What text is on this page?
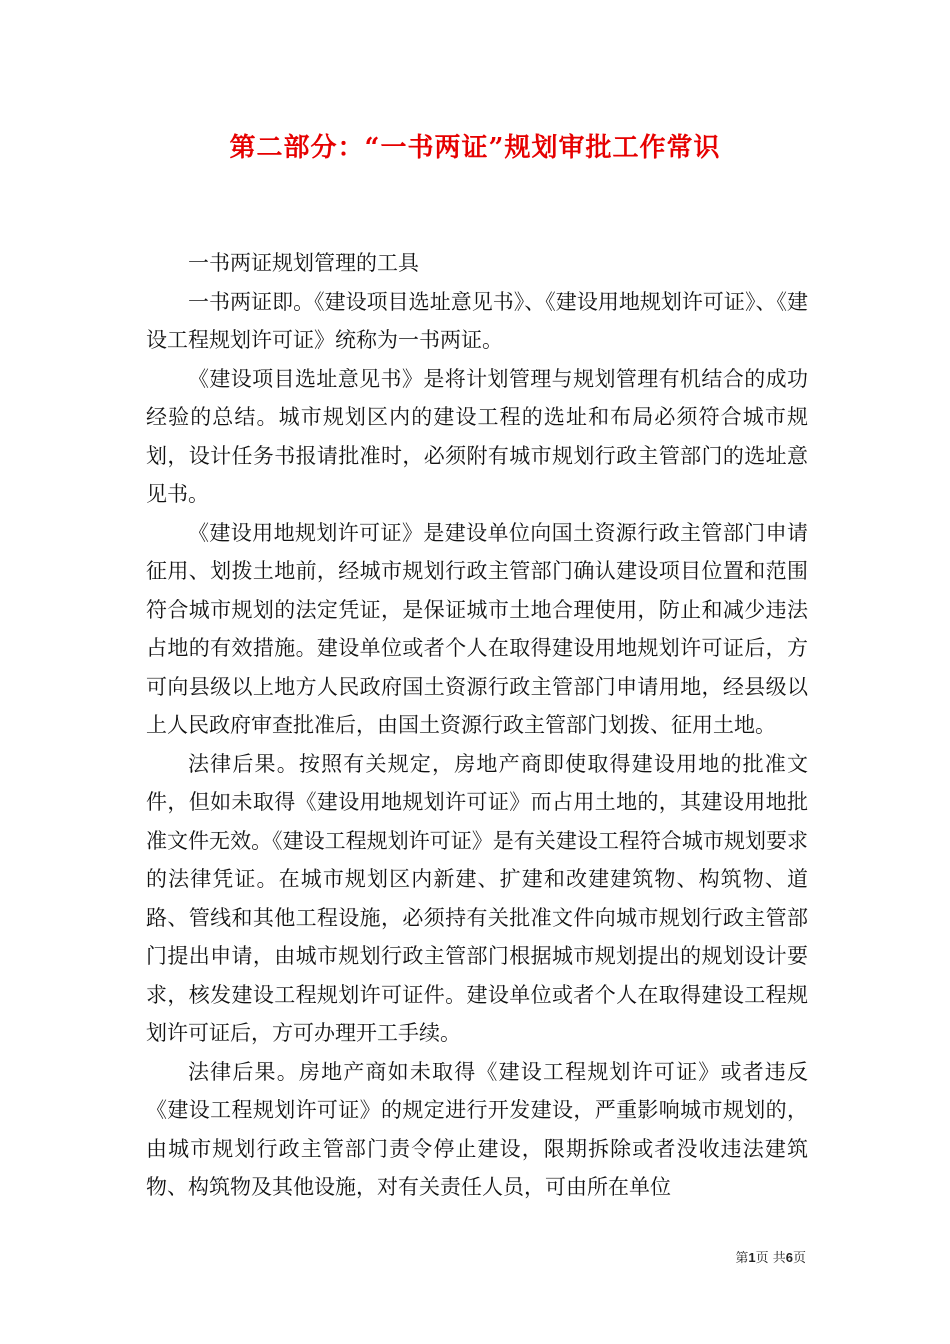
第二部分：“一书两证”规划审批工作常识

一书两证规划管理的工具

一书两证即。《建设项目选址意见书》、《建设用地规划许可证》、《建设工程规划许可证》统称为一书两证。

《建设项目选址意见书》是将计划管理与规划管理有机结合的成功经验的总结。城市规划区内的建设工程的选址和布局必须符合城市规划，设计任务书报请批准时，必须附有城市规划行政主管部门的选址意见书。

《建设用地规划许可证》是建设单位向国土资源行政主管部门申请征用、划拨土地前，经城市规划行政主管部门确认建设项目位置和范围符合城市规划的法定凭证，是保证城市土地合理使用，防止和减少违法占地的有效措施。建设单位或者个人在取得建设用地规划许可证后，方可向县级以上地方人民政府国土资源行政主管部门申请用地，经县级以上人民政府审查批准后，由国土资源行政主管部门划拨、征用土地。

法律后果。按照有关规定，房地产商即使取得建设用地的批准文件，但如未取得《建设用地规划许可证》而占用土地的，其建设用地批准文件无效。《建设工程规划许可证》是有关建设工程符合城市规划要求的法律凭证。在城市规划区内新建、扩建和改建建筑物、构筑物、道路、管线和其他工程设施，必须持有关批准文件向城市规划行政主管部门提出申请，由城市规划行政主管部门根据城市规划提出的规划设计要求，核发建设工程规划许可证件。建设单位或者个人在取得建设工程规划许可证后，方可办理开工手续。

法律后果。房地产商如未取得《建设工程规划许可证》或者违反《建设工程规划许可证》的规定进行开发建设，严重影响城市规划的，由城市规划行政主管部门责令停止建设，限期拆除或者没收违法建筑物、构筑物及其他设施，对有关责任人员，可由所在单位

第1页 共6页
